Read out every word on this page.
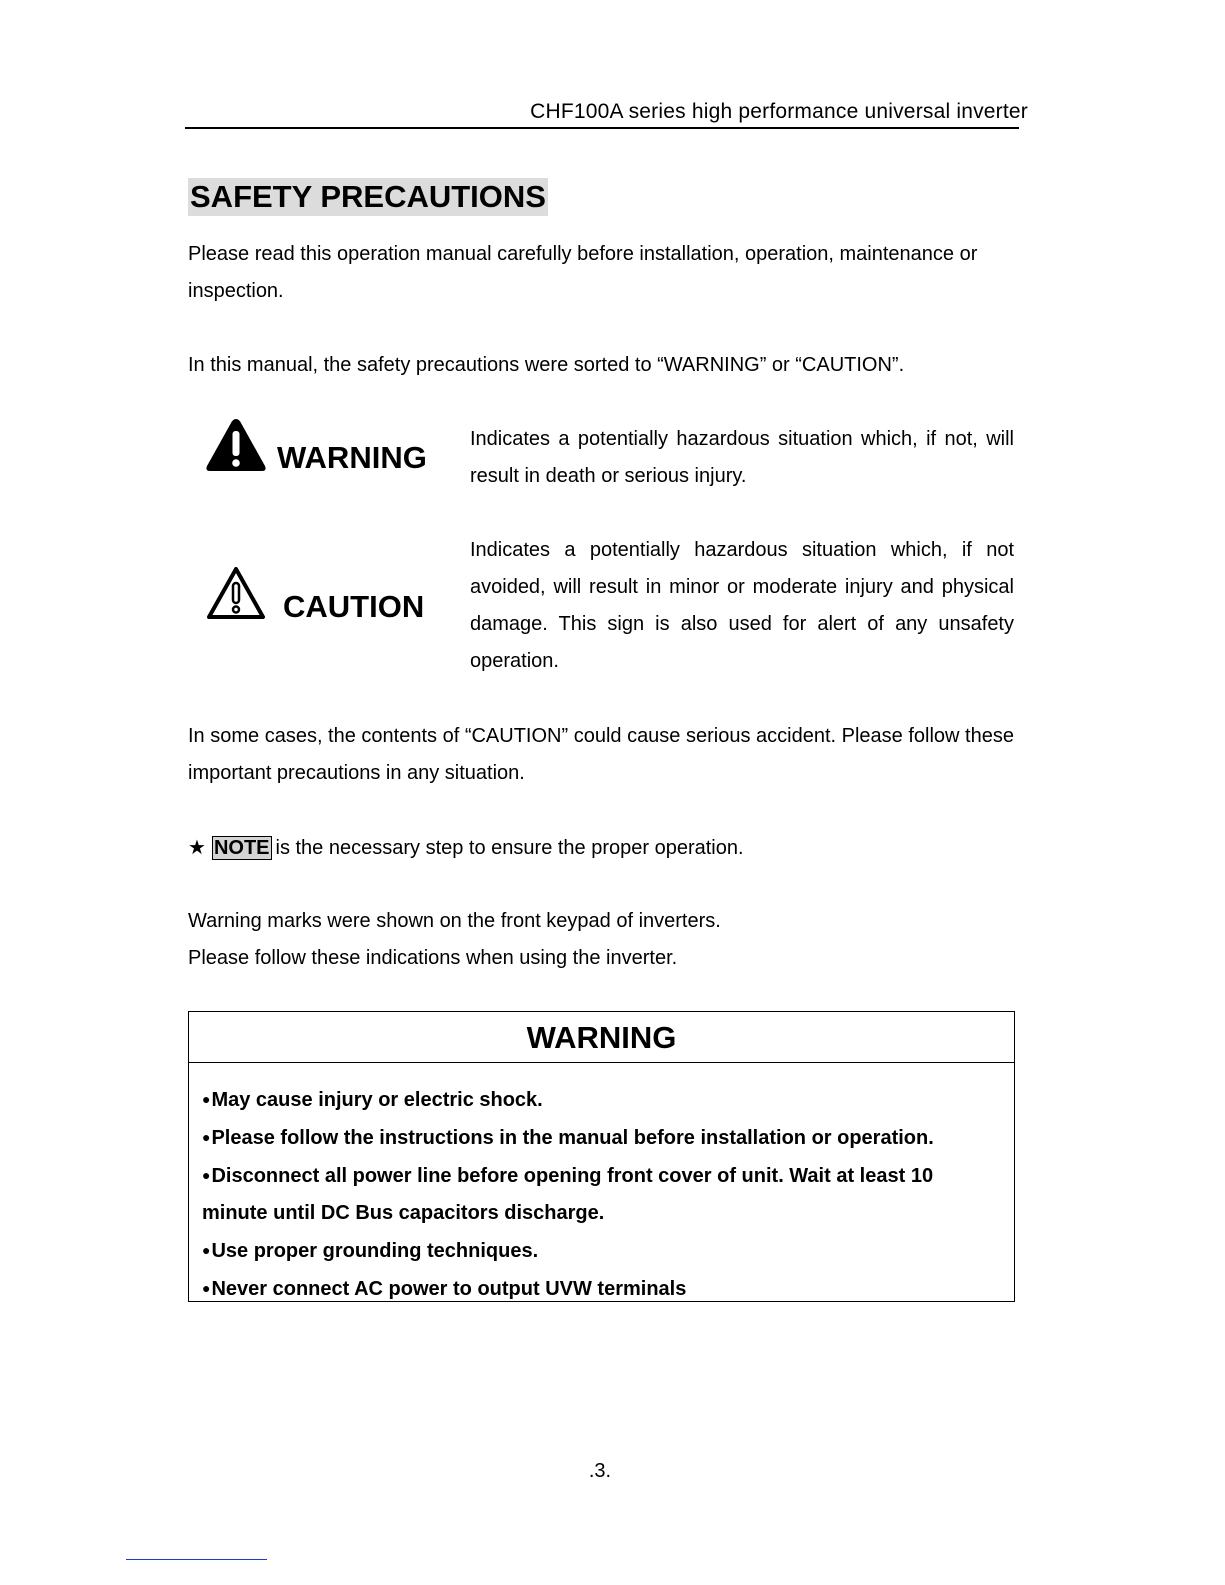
CHF100A series high performance universal inverter
SAFETY PRECAUTIONS
Please read this operation manual carefully before installation, operation, maintenance or inspection.
In this manual, the safety precautions were sorted to “WARNING” or “CAUTION”.
WARNING
Indicates a potentially hazardous situation which, if not, will result in death or serious injury.
CAUTION
Indicates a potentially hazardous situation which, if not avoided, will result in minor or moderate injury and physical damage. This sign is also used for alert of any unsafety operation.
In some cases, the contents of “CAUTION” could cause serious accident. Please follow these important precautions in any situation.
★ NOTE is the necessary step to ensure the proper operation.
Warning marks were shown on the front keypad of inverters.
Please follow these indications when using the inverter.
WARNING
●May cause injury or electric shock.
●Please follow the instructions in the manual before installation or operation.
●Disconnect all power line before opening front cover of unit. Wait at least 10 minute until DC Bus capacitors discharge.
●Use proper grounding techniques.
●Never connect AC power to output UVW terminals
.3.
